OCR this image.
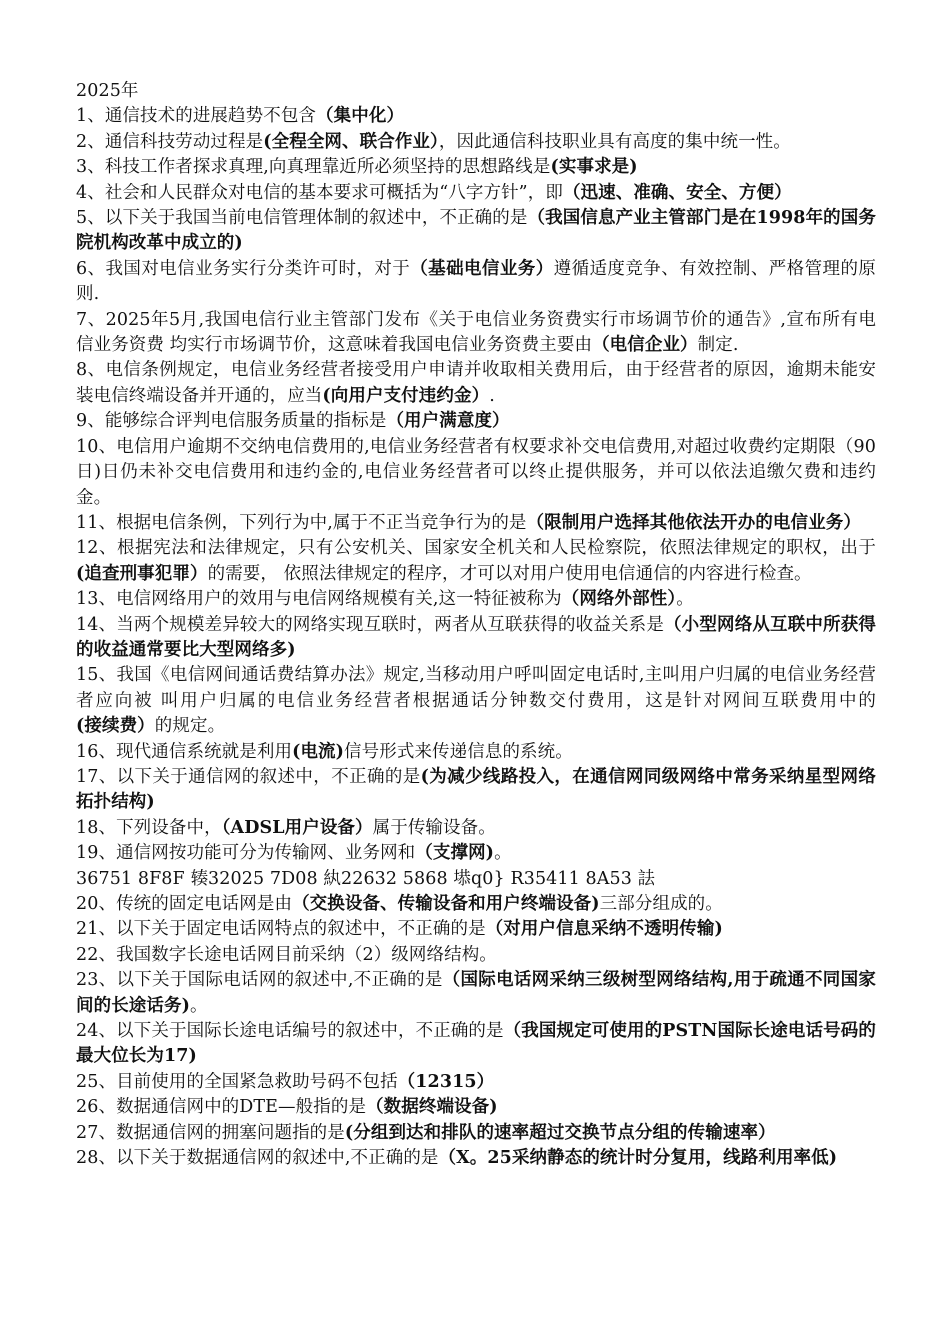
2025年

1、通信技术的进展趋势不包含（集中化）

2、通信科技劳动过程是(全程全网、联合作业），因此通信科技职业具有高度的集中统一性。

3、科技工作者探求真理,向真理靠近所必须坚持的思想路线是(实事求是)

4、社会和人民群众对电信的基本要求可概括为“八字方针”，即（迅速、准确、安全、方便）

5、以下关于我国当前电信管理体制的叙述中，不正确的是（我国信息产业主管部门是在1998年的国务院机构改革中成立的)

6、我国对电信业务实行分类许可时，对于（基础电信业务）遵循适度竞争、有效控制、严格管理的原则.

7、2025年5月,我国电信行业主管部门发布《关于电信业务资费实行市场调节价的通告》,宣布所有电信业务资费 均实行市场调节价，这意味着我国电信业务资费主要由（电信企业）制定.

8、电信条例规定，电信业务经营者接受用户申请并收取相关费用后，由于经营者的原因，逾期未能安装电信终端设备并开通的，应当(向用户支付违约金）.

9、能够综合评判电信服务质量的指标是（用户满意度）

10、电信用户逾期不交纳电信费用的,电信业务经营者有权要求补交电信费用,对超过收费约定期限（90 日)日仍未补交电信费用和违约金的,电信业务经营者可以终止提供服务，并可以依法追缴欠费和违约金。

11、根据电信条例，下列行为中,属于不正当竞争行为的是（限制用户选择其他依法开办的电信业务）

12、根据宪法和法律规定，只有公安机关、国家安全机关和人民检察院，依照法律规定的职权，出于(追查刑事犯罪）的需要， 依照法律规定的程序，才可以对用户使用电信通信的内容进行检查。

13、电信网络用户的效用与电信网络规模有关,这一特征被称为（网络外部性）。

14、当两个规模差异较大的网络实现互联时，两者从互联获得的收益关系是（小型网络从互联中所获得的收益通常要比大型网络多)

15、我国《电信网间通话费结算办法》规定,当移动用户呼叫固定电话时,主叫用户归属的电信业务经营者应向被 叫用户归属的电信业务经营者根据通话分钟数交付费用，这是针对网间互联费用中的(接续费）的规定。

16、现代通信系统就是利用(电流)信号形式来传递信息的系统。

17、以下关于通信网的叙述中，不正确的是(为减少线路投入，在通信网同级网络中常务采纳星型网络拓扑结构)

18、下列设备中，（ADSL用户设备）属于传输设备。

19、通信网按功能可分为传输网、业务网和（支撑网)。

36751 8F8F 辏32025 7D08 紈22632 5868 塨q0} R35411 8A53 詓

20、传统的固定电话网是由（交换设备、传输设备和用户终端设备)三部分组成的。

21、以下关于固定电话网特点的叙述中，不正确的是（对用户信息采纳不透明传输)

22、我国数字长途电话网目前采纳（2）级网络结构。

23、以下关于国际电话网的叙述中,不正确的是（国际电话网采纳三级树型网络结构,用于疏通不同国家间的长途话务)。

24、以下关于国际长途电话编号的叙述中，不正确的是（我国规定可使用的PSTN国际长途电话号码的最大位长为17)

25、目前使用的全国紧急救助号码不包括（12315）

26、数据通信网中的DTE—般指的是（数据终端设备)

27、数据通信网的拥塞问题指的是(分组到达和排队的速率超过交换节点分组的传输速率）

28、以下关于数据通信网的叙述中,不正确的是（X。25采纳静态的统计时分复用，线路利用率低)
